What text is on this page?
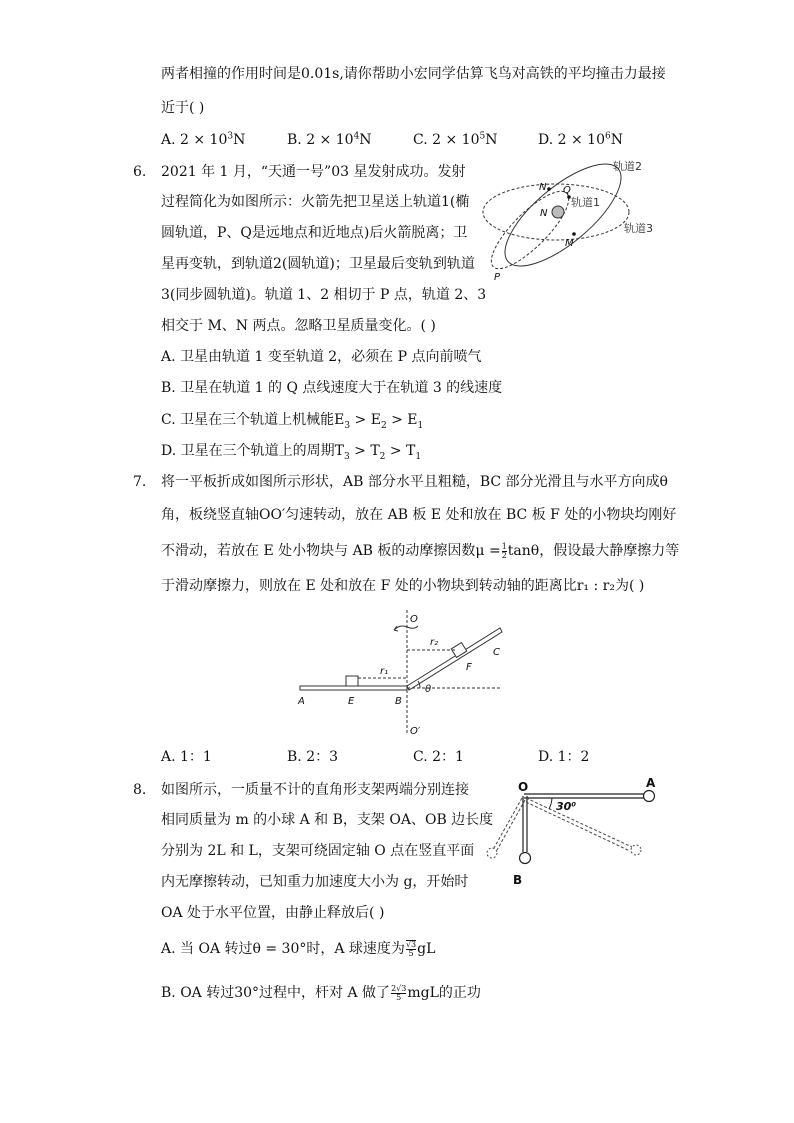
两者相撞的作用时间是0.01s,请你帮助小宏同学估算飞鸟对高铁的平均撞击力最接
近于( )
A. $2 \times 10^3N$	B. $2 \times 10^4N$	C. $2 \times 10^5N$	D. $2 \times 10^6N$
6. 2021 年 1 月，“天通一号”03 星发射成功。发射
过程简化为如图所示：火箭先把卫星送上轨道1(椭
圆轨道，P、Q是远地点和近地点)后火箭脱离；卫
星再变轨，到轨道2(圆轨道)；卫星最后变轨到轨道
3(同步圆轨道)。轨道 1、2 相切于 P 点，轨道 2、3
相交于 M、N 两点。忽略卫星质量变化。( )
A. 卫星由轨道 1 变至轨道 2，必须在 P 点向前喷气
B. 卫星在轨道 1 的 Q 点线速度大于在轨道 3 的线速度
C. 卫星在三个轨道上机械能$E_3 > E_2 > E_1$
D. 卫星在三个轨道上的周期$T_3 > T_2 > T_1$
轨道2
轨道1
轨道3
N Q
N
M
P
7. 将一平板折成如图所示形状，AB 部分水平且粗糙，BC 部分光滑且与水平方向成θ
角，板绕竖直轴OO′匀速转动，放在 AB 板 E 处和放在 BC 板 F 处的小物块均刚好
不滑动，若放在 E 处小物块与 AB 板的动摩擦因数$\mu = \frac{1}{2}$ tanθ，假设最大静摩擦力等
于滑动摩擦力，则放在 E 处和放在 F 处的小物块到转动轴的距离比r₁ : r₂为( )
O
O′
r₁
r₂
A	E	B
F
C
θ
A. 1：1	B. 2：3	C. 2：1	D. 1：2
8. 如图所示，一质量不计的直角形支架两端分别连接
相同质量为 m 的小球 A 和 B，支架 OA、OB 边长度
分别为 2L 和 L，支架可绕固定轴 O 点在竖直平面
内无摩擦转动，已知重力加速度大小为 g，开始时
OA 处于水平位置，由静止释放后( )
A. 当 OA 转过θ = 30°时，A 球速度为 $\frac{√3}{5}$ gL
B. OA 转过30°过程中，杆对 A 做了 $\frac{2√3}{5}$ mgL的正功
O	A
B
30⁰
